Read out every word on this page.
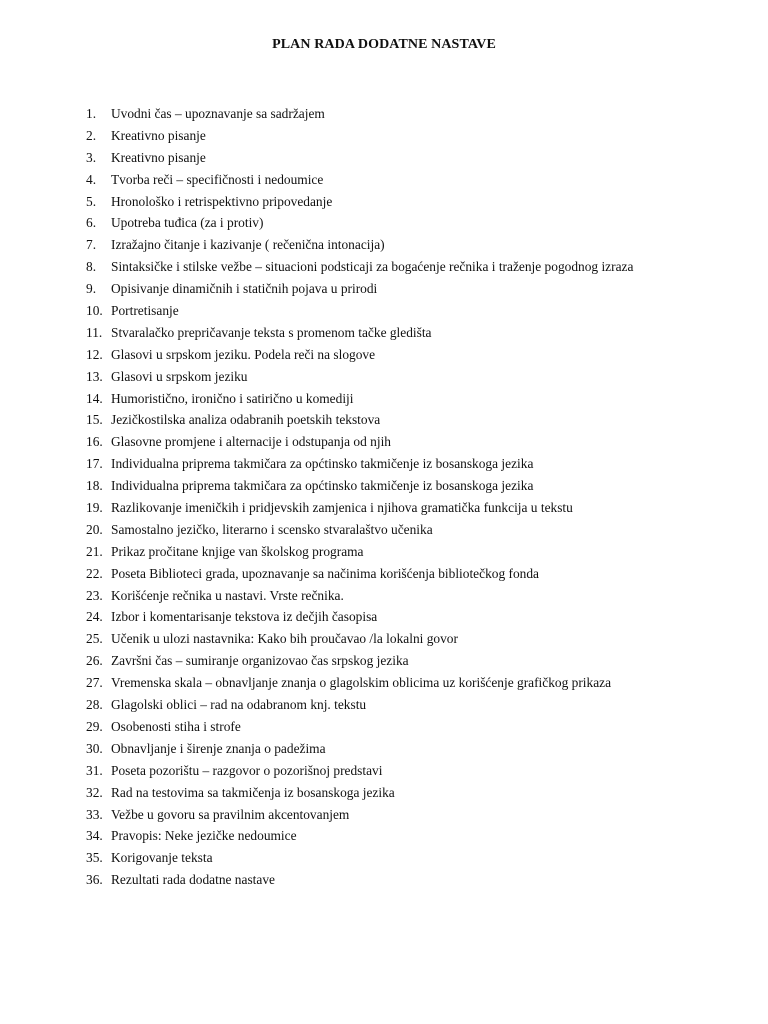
PLAN RADA DODATNE NASTAVE
1.	Uvodni čas – upoznavanje sa sadržajem
2.	Kreativno pisanje
3.	Kreativno pisanje
4.	Tvorba reči – specifičnosti i nedoumice
5.	Hronološko i retrispektivno pripovedanje
6.	Upotreba tuđica (za i protiv)
7.	Izražajno čitanje i kazivanje ( rečenična intonacija)
8.	Sintaksičke i stilske vežbe – situacioni podsticaji za bogaćenje rečnika i traženje pogodnog izraza
9.	Opisivanje dinamičnih i statičnih pojava u prirodi
10. Portretisanje
11. Stvaralačko prepričavanje teksta s promenom tačke gledišta
12. Glasovi u srpskom jeziku. Podela reči na slogove
13. Glasovi u srpskom jeziku
14. Humoristično, ironično i satirično u komediji
15. Jezičkostilska analiza odabranih poetskih tekstova
16. Glasovne promjene i alternacije i odstupanja od njih
17. Individualna priprema takmičara za općtinsko takmičenje iz bosanskoga jezika
18. Individualna priprema takmičara za općtinsko takmičenje iz bosanskoga jezika
19. Razlikovanje imeničkih i pridjevskih zamjenica i njihova gramatička funkcija u tekstu
20. Samostalno jezičko, literarno i scensko stvaralaštvo učenika
21. Prikaz pročitane knjige van školskog programa
22. Poseta Biblioteci grada, upoznavanje sa načinima korišćenja bibliotečkog fonda
23. Korišćenje rečnika u nastavi. Vrste rečnika.
24. Izbor i komentarisanje tekstova iz dečjih časopisa
25. Učenik u ulozi nastavnika: Kako bih proučavao /la lokalni govor
26. Završni čas – sumiranje organizovao čas srpskog jezika
27. Vremenska skala – obnavljanje znanja o glagolskim oblicima uz korišćenje grafičkog prikaza
28. Glagolski oblici – rad na odabranom knj. tekstu
29. Osobenosti stiha i strofe
30. Obnavljanje i širenje znanja o padežima
31. Poseta pozorištu – razgovor o pozorišnoj predstavi
32. Rad na testovima sa takmičenja iz bosanskoga jezika
33. Vežbe u govoru sa pravilnim akcentovanjem
34. Pravopis: Neke jezičke nedoumice
35. Korigovanje teksta
36. Rezultati rada dodatne nastave
